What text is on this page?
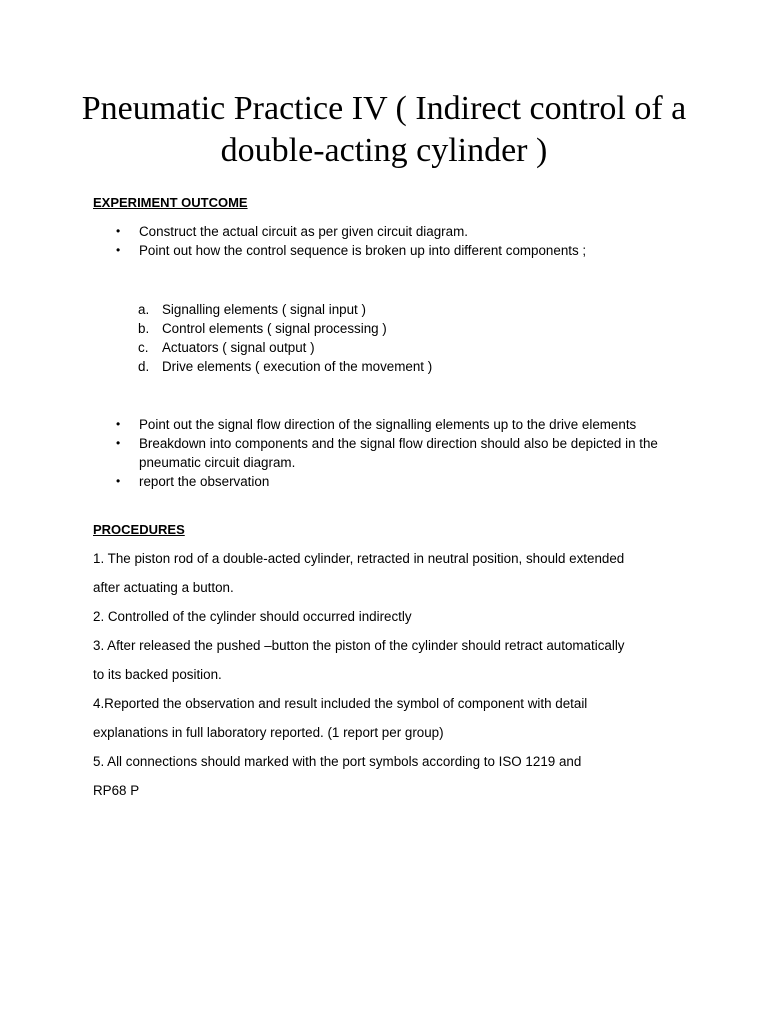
Pneumatic Practice IV ( Indirect control of a double-acting cylinder )
EXPERIMENT OUTCOME
• Construct the actual circuit as per given circuit diagram.
• Point out how the control sequence is broken up into different components ;
a. Signalling elements ( signal input )
b. Control elements ( signal processing )
c. Actuators ( signal output )
d. Drive elements ( execution of the movement )
• Point out the signal flow direction of the signalling elements up to the drive elements
• Breakdown into components and the signal flow direction should also be depicted in the pneumatic circuit diagram.
• report the observation
PROCEDURES

1. The piston rod of a double-acted cylinder, retracted in neutral position, should extended

after actuating a button.

2. Controlled of the cylinder should occurred indirectly

3. After released the pushed –button the piston of the cylinder should retract automatically

to its backed position.

4.Reported the observation and result included the symbol of component with detail

explanations in full laboratory reported. (1 report per group)

5. All connections should marked with the port symbols according to ISO 1219 and

RP68 P
